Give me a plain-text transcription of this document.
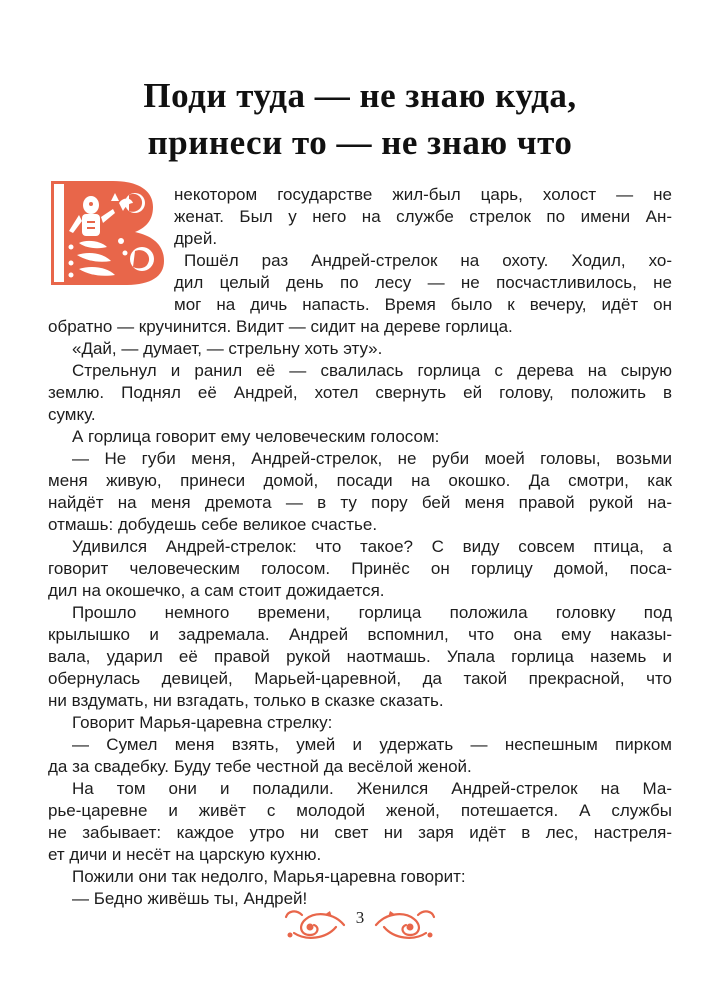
Поди туда — не знаю куда,
принеси то — не знаю что

некотором государстве жил-был царь, холост — не
женат. Был у него на службе стрелок по имени Ан-
дрей.

Пошёл раз Андрей-стрелок на охоту. Ходил, хо-
дил целый день по лесу — не посчастливилось, не
мог на дичь напасть. Время было к вечеру, идёт он
обратно — кручинится. Видит — сидит на дереве горлица.

«Дай, — думает, — стрельну хоть эту».

Стрельнул и ранил её — свалилась горлица с дерева на сырую
землю. Поднял её Андрей, хотел свернуть ей голову, положить в
сумку.

А горлица говорит ему человеческим голосом:

— Не губи меня, Андрей-стрелок, не руби моей головы, возьми
меня живую, принеси домой, посади на окошко. Да смотри, как
найдёт на меня дремота — в ту пору бей меня правой рукой на-
отмашь: добудешь себе великое счастье.

Удивился Андрей-стрелок: что такое? С виду совсем птица, а
говорит человеческим голосом. Принёс он горлицу домой, поса-
дил на окошечко, а сам стоит дожидается.

Прошло немного времени, горлица положила головку под
крылышко и задремала. Андрей вспомнил, что она ему наказы-
вала, ударил её правой рукой наотмашь. Упала горлица наземь и
обернулась девицей, Марьей-царевной, да такой прекрасной, что
ни вздумать, ни взгадать, только в сказке сказать.

Говорит Марья-царевна стрелку:

— Сумел меня взять, умей и удержать — неспешным пирком
да за свадебку. Буду тебе честной да весёлой женой.

На том они и поладили. Женился Андрей-стрелок на Ма-
рье-царевне и живёт с молодой женой, потешается. А службы
не забывает: каждое утро ни свет ни заря идёт в лес, настреля-
ет дичи и несёт на царскую кухню.

Пожили они так недолго, Марья-царевна говорит:

— Бедно живёшь ты, Андрей!

3
